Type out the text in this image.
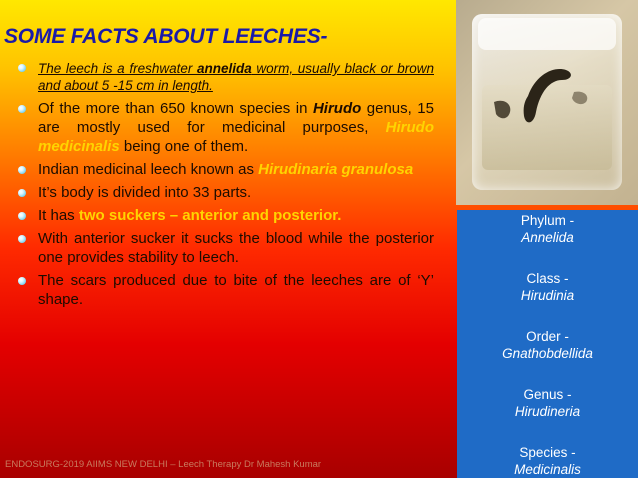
SOME FACTS ABOUT LEECHES-
The leech is a freshwater annelida worm, usually black or brown and about 5 -15 cm in length.
Of the more than 650 known species in Hirudo genus, 15 are mostly used for medicinal purposes, Hirudo medicinalis being one of them.
Indian medicinal leech known as Hirudinaria granulosa
It’s body is divided into 33 parts.
It has two suckers – anterior and posterior.
With anterior sucker it sucks the blood while the posterior one provides stability to leech.
The scars produced due to bite of the leeches are of ‘Y’ shape.
ENDOSURG-2019 AIIMS NEW DELHI – Leech Therapy Dr Mahesh Kumar
Phylum -
Annelida
Class -
Hirudinia
Order -
Gnathobdellida
Genus -
Hirudineria
Species -
Medicinalis
